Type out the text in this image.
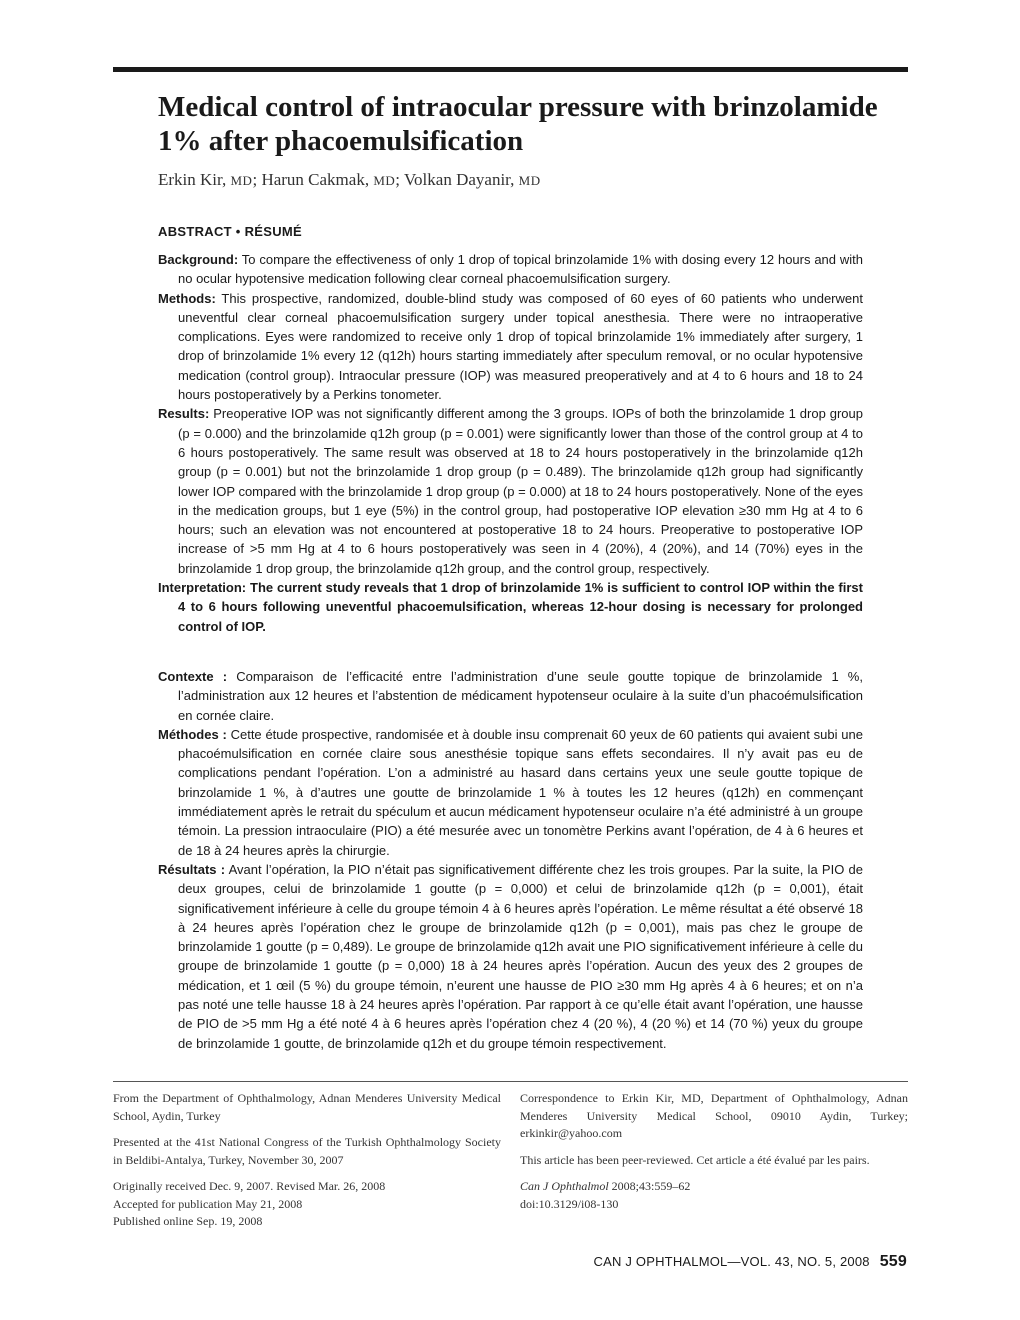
Medical control of intraocular pressure with brinzolamide 1% after phacoemulsification
Erkin Kir, MD; Harun Cakmak, MD; Volkan Dayanir, MD
ABSTRACT • RÉSUMÉ

Background: To compare the effectiveness of only 1 drop of topical brinzolamide 1% with dosing every 12 hours and with no ocular hypotensive medication following clear corneal phacoemulsification surgery.

Methods: This prospective, randomized, double-blind study was composed of 60 eyes of 60 patients who underwent uneventful clear corneal phacoemulsification surgery under topical anesthesia. There were no intraoperative complications. Eyes were randomized to receive only 1 drop of topical brinzolamide 1% immediately after surgery, 1 drop of brinzolamide 1% every 12 (q12h) hours starting immediately after speculum removal, or no ocular hypotensive medication (control group). Intraocular pressure (IOP) was measured preoperatively and at 4 to 6 hours and 18 to 24 hours postoperatively by a Perkins tonometer.

Results: Preoperative IOP was not significantly different among the 3 groups. IOPs of both the brinzolamide 1 drop group (p = 0.000) and the brinzolamide q12h group (p = 0.001) were significantly lower than those of the control group at 4 to 6 hours postoperatively. The same result was observed at 18 to 24 hours postoperatively in the brinzolamide q12h group (p = 0.001) but not the brinzolamide 1 drop group (p = 0.489). The brinzolamide q12h group had significantly lower IOP compared with the brinzolamide 1 drop group (p = 0.000) at 18 to 24 hours postoperatively. None of the eyes in the medication groups, but 1 eye (5%) in the control group, had postoperative IOP elevation ≥30 mm Hg at 4 to 6 hours; such an elevation was not encountered at postoperative 18 to 24 hours. Preoperative to postoperative IOP increase of >5 mm Hg at 4 to 6 hours postoperatively was seen in 4 (20%), 4 (20%), and 14 (70%) eyes in the brinzolamide 1 drop group, the brinzolamide q12h group, and the control group, respectively.

Interpretation: The current study reveals that 1 drop of brinzolamide 1% is sufficient to control IOP within the first 4 to 6 hours following uneventful phacoemulsification, whereas 12-hour dosing is necessary for prolonged control of IOP.

Contexte : Comparaison de l’efficacité entre l’administration d’une seule goutte topique de brinzolamide 1 %, l’administration aux 12 heures et l’abstention de médicament hypotenseur oculaire à la suite d’un phacoémulsification en cornée claire.

Méthodes : Cette étude prospective, randomisée et à double insu comprenait 60 yeux de 60 patients qui avaient subi une phacoémulsification en cornée claire sous anesthésie topique sans effets secondaires. Il n’y avait pas eu de complications pendant l’opération. L’on a administré au hasard dans certains yeux une seule goutte topique de brinzolamide 1 %, à d’autres une goutte de brinzolamide 1 % à toutes les 12 heures (q12h) en commençant immédiatement après le retrait du spéculum et aucun médicament hypotenseur oculaire n’a été administré à un groupe témoin. La pression intraoculaire (PIO) a été mesurée avec un tonomètre Perkins avant l’opération, de 4 à 6 heures et de 18 à 24 heures après la chirurgie.

Résultats : Avant l’opération, la PIO n’était pas significativement différente chez les trois groupes. Par la suite, la PIO de deux groupes, celui de brinzolamide 1 goutte (p = 0,000) et celui de brinzolamide q12h (p = 0,001), était significativement inférieure à celle du groupe témoin 4 à 6 heures après l’opération. Le même résultat a été observé 18 à 24 heures après l’opération chez le groupe de brinzolamide q12h (p = 0,001), mais pas chez le groupe de brinzolamide 1 goutte (p = 0,489). Le groupe de brinzolamide q12h avait une PIO significativement inférieure à celle du groupe de brinzolamide 1 goutte (p = 0,000) 18 à 24 heures après l’opération. Aucun des yeux des 2 groupes de médication, et 1 œil (5 %) du groupe témoin, n’eurent une hausse de PIO ≥30 mm Hg après 4 à 6 heures; et on n’a pas noté une telle hausse 18 à 24 heures après l’opération. Par rapport à ce qu’elle était avant l’opération, une hausse de PIO de >5 mm Hg a été noté 4 à 6 heures après l’opération chez 4 (20 %), 4 (20 %) et 14 (70 %) yeux du groupe de brinzolamide 1 goutte, de brinzolamide q12h et du groupe témoin respectivement.

From the Department of Ophthalmology, Adnan Menderes University Medical School, Aydin, Turkey

Presented at the 41st National Congress of the Turkish Ophthalmology Society in Beldibi-Antalya, Turkey, November 30, 2007

Originally received Dec. 9, 2007. Revised Mar. 26, 2008
Accepted for publication May 21, 2008
Published online Sep. 19, 2008

Correspondence to Erkin Kir, MD, Department of Ophthalmology, Adnan Menderes University Medical School, 09010 Aydin, Turkey; erkinkir@yahoo.com

This article has been peer-reviewed. Cet article a été évalué par les pairs.

Can J Ophthalmol 2008;43:559–62
doi:10.3129/i08-130

CAN J OPHTHALMOL—VOL. 43, NO. 5, 2008 559
